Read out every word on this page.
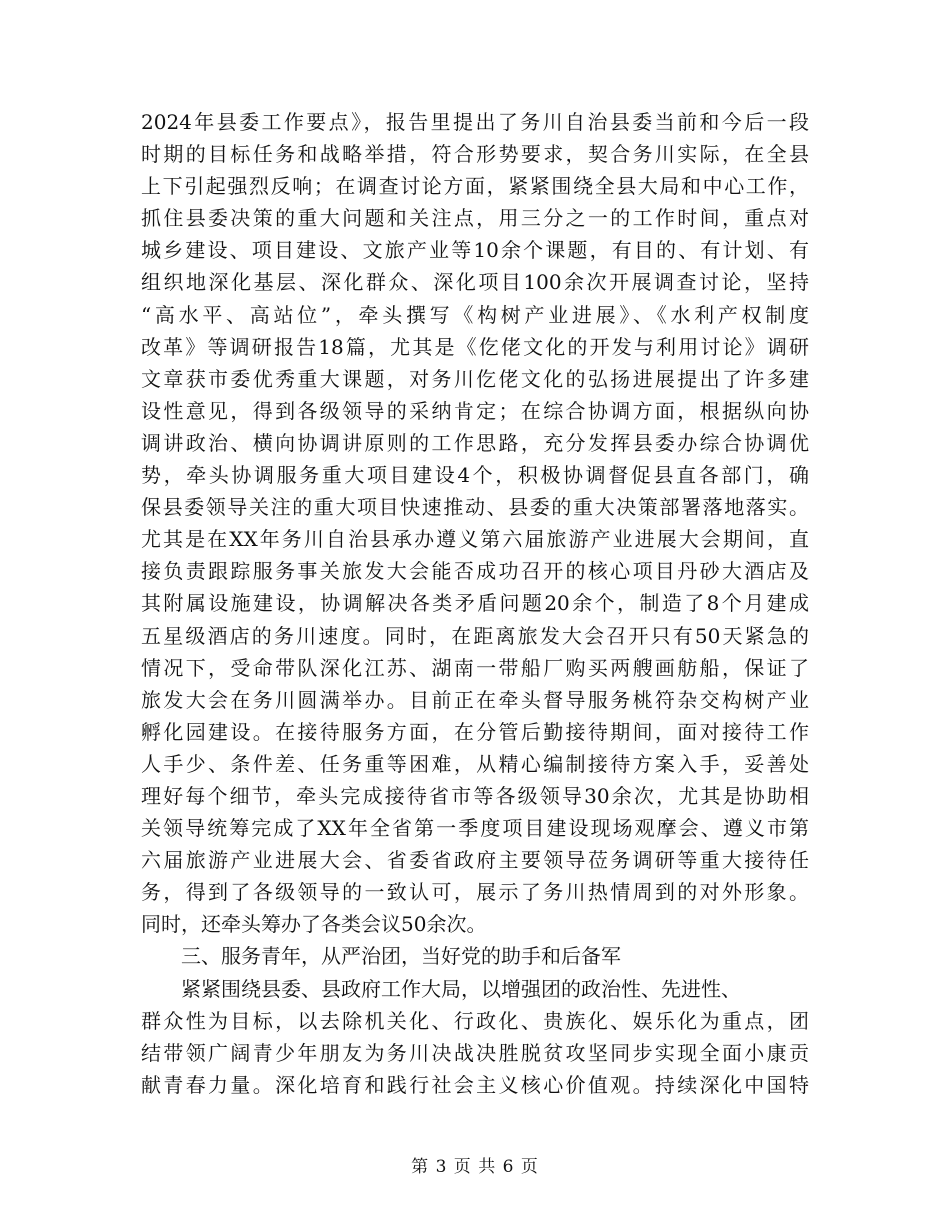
2024年县委工作要点》，报告里提出了务川自治县委当前和今后一段
时期的目标任务和战略举措，符合形势要求，契合务川实际，在全县
上下引起强烈反响；在调查讨论方面，紧紧围绕全县大局和中心工作，
抓住县委决策的重大问题和关注点，用三分之一的工作时间，重点对
城乡建设、项目建设、文旅产业等10余个课题，有目的、有计划、有
组织地深化基层、深化群众、深化项目100余次开展调查讨论，坚持
“高水平、高站位”，牵头撰写《构树产业进展》、《水利产权制度
改革》等调研报告18篇，尤其是《仡佬文化的开发与利用讨论》调研
文章获市委优秀重大课题，对务川仡佬文化的弘扬进展提出了许多建
设性意见，得到各级领导的采纳肯定；在综合协调方面，根据纵向协
调讲政治、横向协调讲原则的工作思路，充分发挥县委办综合协调优
势，牵头协调服务重大项目建设4个，积极协调督促县直各部门，确
保县委领导关注的重大项目快速推动、县委的重大决策部署落地落实。
尤其是在XX年务川自治县承办遵义第六届旅游产业进展大会期间，直
接负责跟踪服务事关旅发大会能否成功召开的核心项目丹砂大酒店及
其附属设施建设，协调解决各类矛盾问题20余个，制造了8个月建成
五星级酒店的务川速度。同时，在距离旅发大会召开只有50天紧急的
情况下，受命带队深化江苏、湖南一带船厂购买两艘画舫船，保证了
旅发大会在务川圆满举办。目前正在牵头督导服务桃符杂交构树产业
孵化园建设。在接待服务方面，在分管后勤接待期间，面对接待工作
人手少、条件差、任务重等困难，从精心编制接待方案入手，妥善处
理好每个细节，牵头完成接待省市等各级领导30余次，尤其是协助相
关领导统筹完成了XX年全省第一季度项目建设现场观摩会、遵义市第
六届旅游产业进展大会、省委省政府主要领导莅务调研等重大接待任
务，得到了各级领导的一致认可，展示了务川热情周到的对外形象。
同时，还牵头筹办了各类会议50余次。
三、服务青年，从严治团，当好党的助手和后备军
紧紧围绕县委、县政府工作大局，以增强团的政治性、先进性、
群众性为目标，以去除机关化、行政化、贵族化、娱乐化为重点，团
结带领广阔青少年朋友为务川决战决胜脱贫攻坚同步实现全面小康贡
献青春力量。深化培育和践行社会主义核心价值观。持续深化中国特
第 3 页 共 6 页
